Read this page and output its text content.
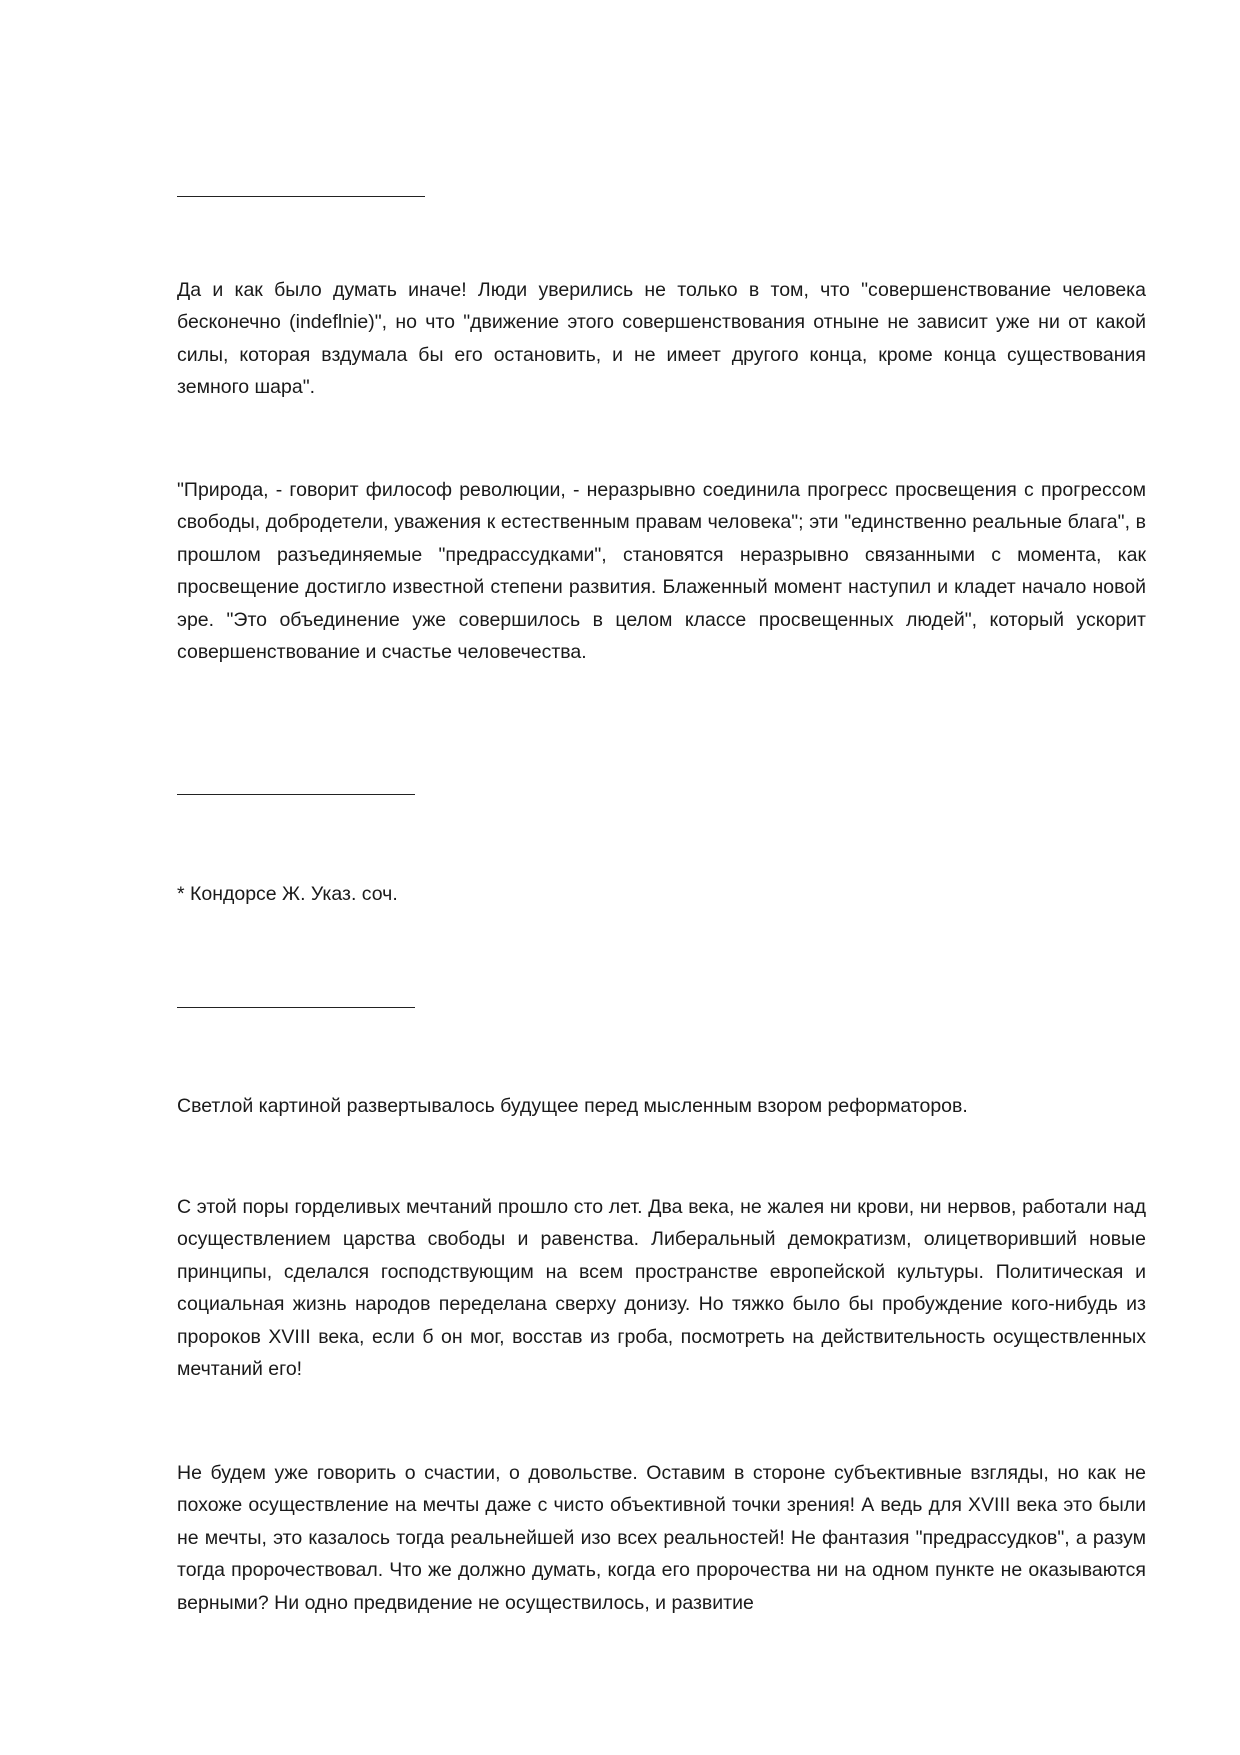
Да и как было думать иначе! Люди уверились не только в том, что "совершенствование человека бесконечно (indeflnie)", но что "движение этого совершенствования отныне не зависит уже ни от какой силы, которая вздумала бы его остановить, и не имеет другого конца, кроме конца существования земного шара".

"Природа, - говорит философ революции, - неразрывно соединила прогресс просвещения с прогрессом свободы, добродетели, уважения к естественным правам человека"; эти "единственно реальные блага", в прошлом разъединяемые "предрассудками", становятся неразрывно связанными с момента, как просвещение достигло известной степени развития. Блаженный момент наступил и кладет начало новой эре. "Это объединение уже совершилось в целом классе просвещенных людей", который ускорит совершенствование и счастье человечества.

* Кондорсе Ж. Указ. соч.

Светлой картиной развертывалось будущее перед мысленным взором реформаторов.

С этой поры горделивых мечтаний прошло сто лет. Два века, не жалея ни крови, ни нервов, работали над осуществлением царства свободы и равенства. Либеральный демократизм, олицетворивший новые принципы, сделался господствующим на всем пространстве европейской культуры. Политическая и социальная жизнь народов переделана сверху донизу. Но тяжко было бы пробуждение кого-нибудь из пророков XVIII века, если б он мог, восстав из гроба, посмотреть на действительность осуществленных мечтаний его!

Не будем уже говорить о счастии, о довольстве. Оставим в стороне субъективные взгляды, но как не похоже осуществление на мечты даже с чисто объективной точки зрения! А ведь для XVIII века это были не мечты, это казалось тогда реальнейшей изо всех реальностей! Не фантазия "предрассудков", а разум тогда пророчествовал. Что же должно думать, когда его пророчества ни на одном пункте не оказываются верными? Ни одно предвидение не осуществилось, и развитие
